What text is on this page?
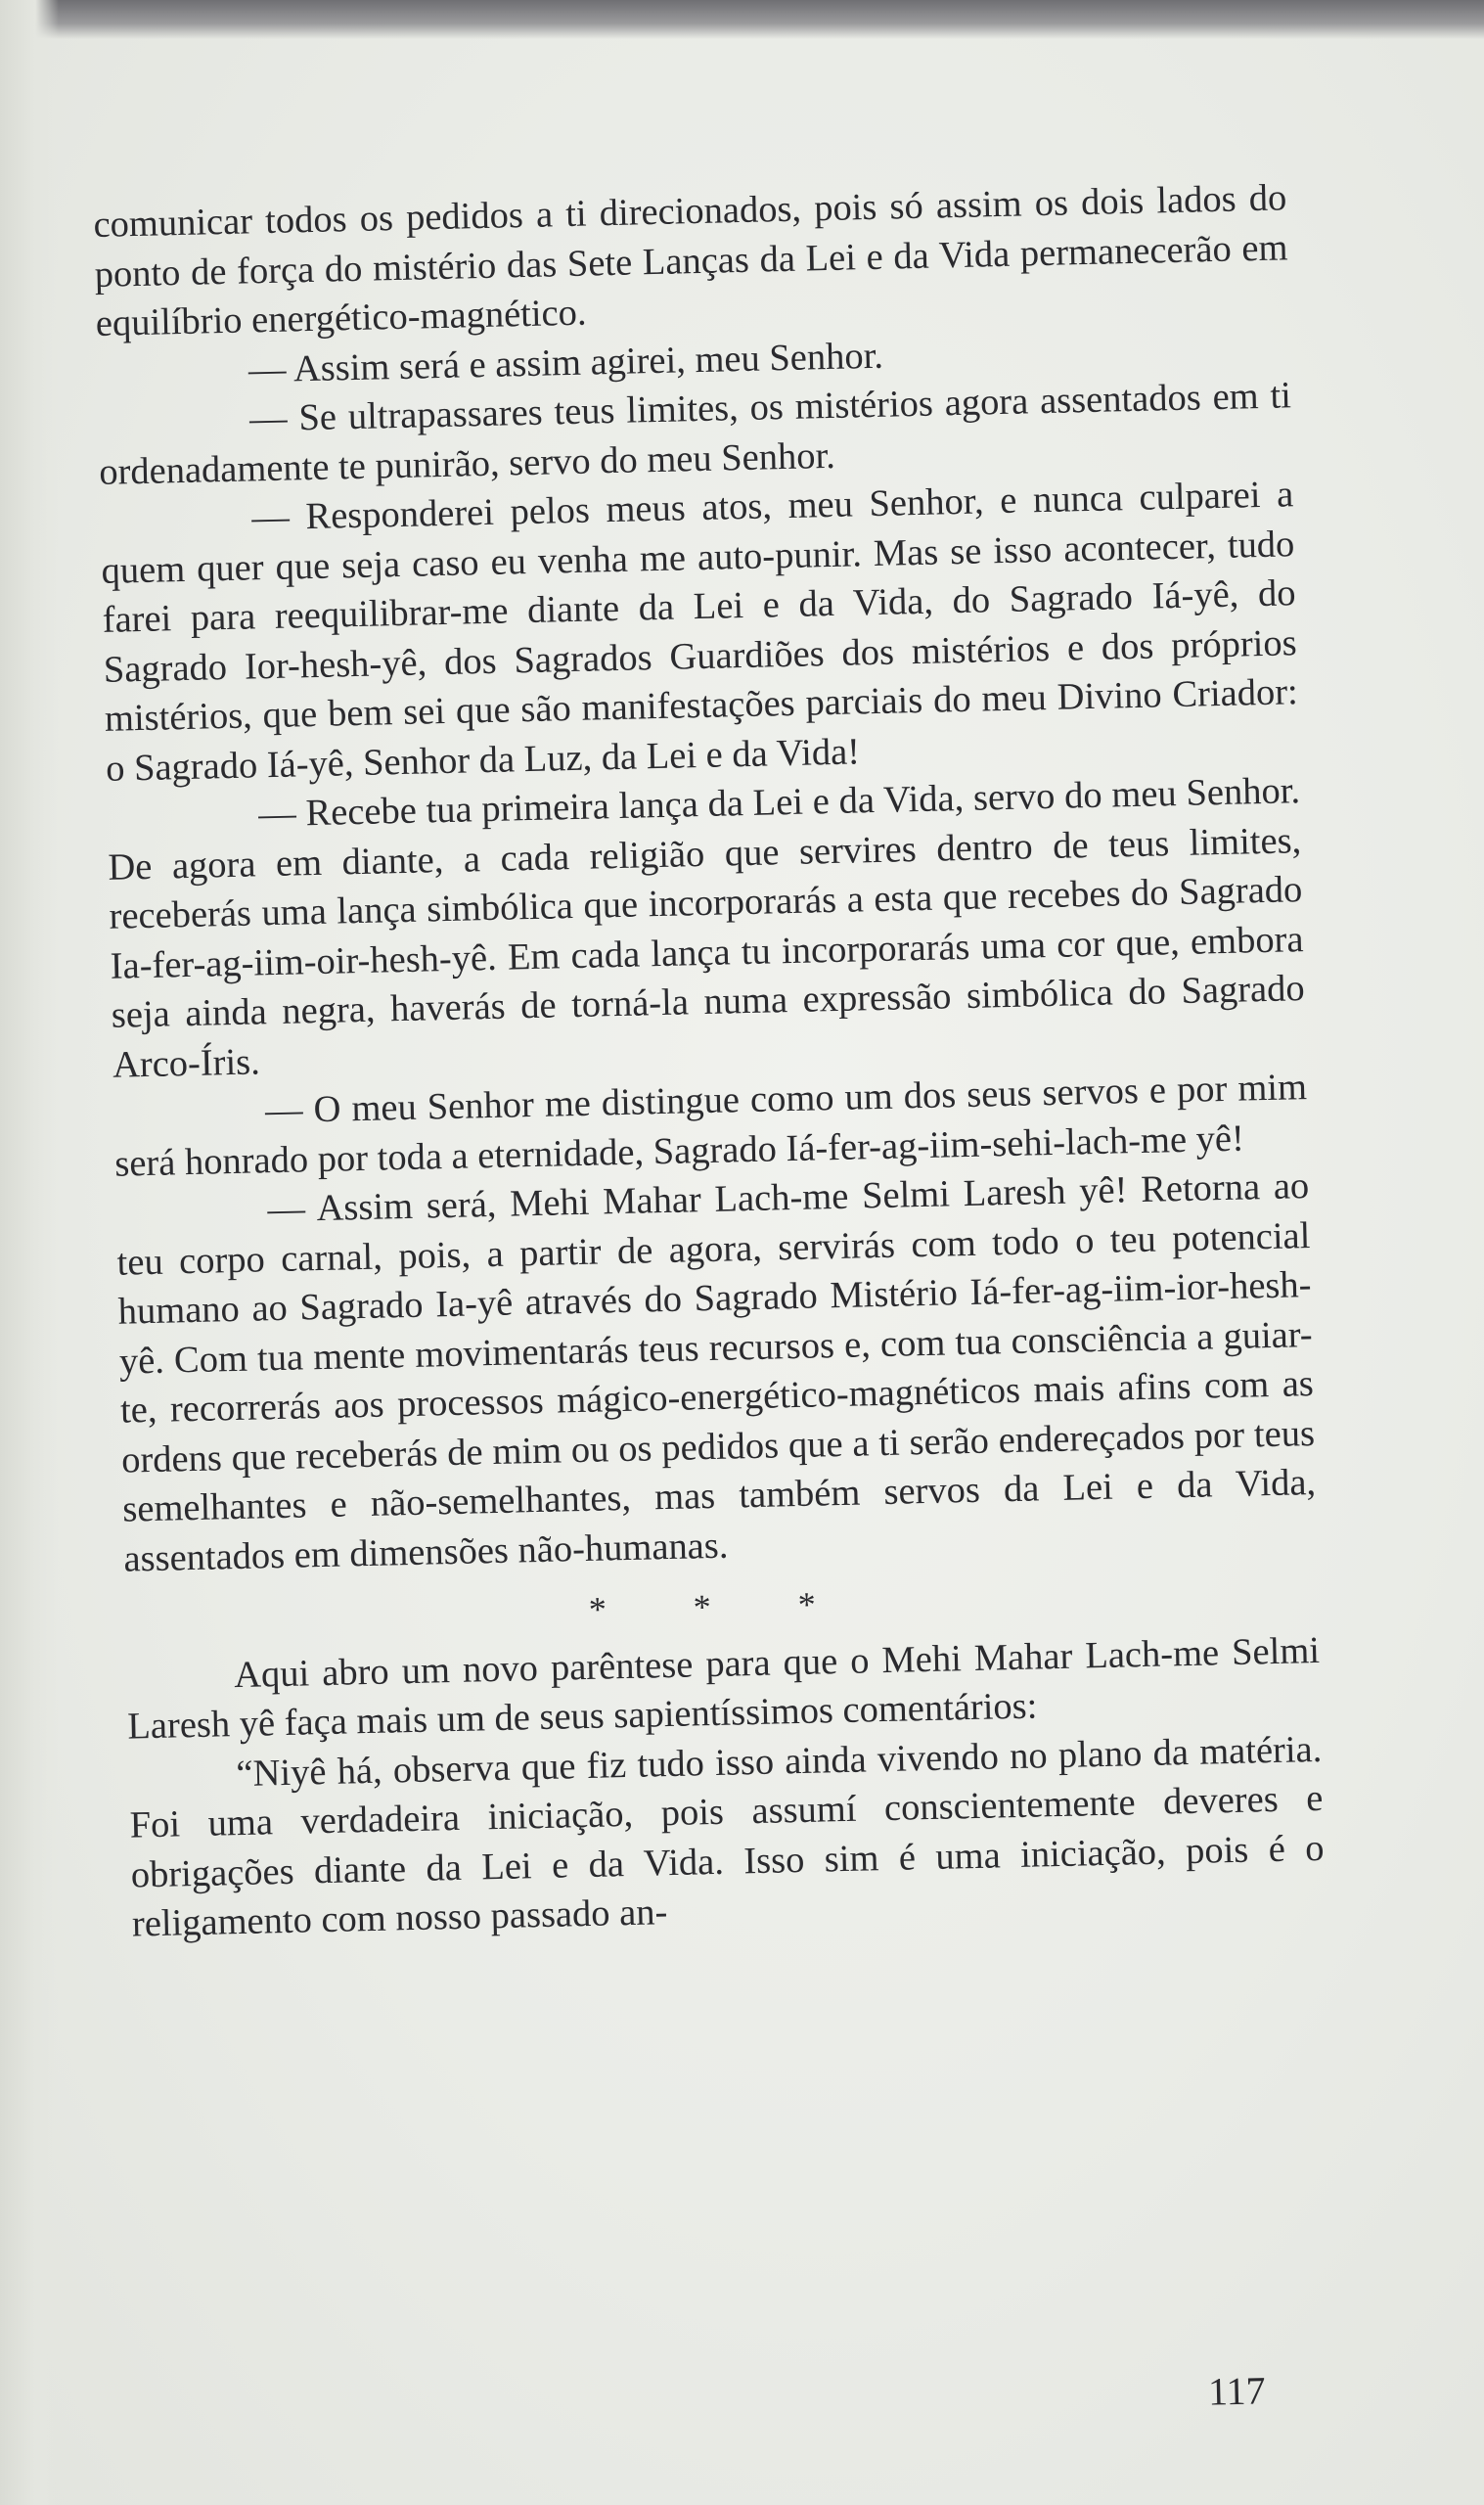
comunicar todos os pedidos a ti direcionados, pois só assim os dois lados do ponto de força do mistério das Sete Lanças da Lei e da Vida permanecerão em equilíbrio energético-magnético.

— Assim será e assim agirei, meu Senhor.

— Se ultrapassares teus limites, os mistérios agora assentados em ti ordenadamente te punirão, servo do meu Senhor.

— Responderei pelos meus atos, meu Senhor, e nunca culparei a quem quer que seja caso eu venha me auto-punir. Mas se isso acontecer, tudo farei para reequilibrar-me diante da Lei e da Vida, do Sagrado Iá-yê, do Sagrado Ior-hesh-yê, dos Sagrados Guardiões dos mistérios e dos próprios mistérios, que bem sei que são manifestações parciais do meu Divino Criador: o Sagrado Iá-yê, Senhor da Luz, da Lei e da Vida!

— Recebe tua primeira lança da Lei e da Vida, servo do meu Senhor. De agora em diante, a cada religião que servires dentro de teus limites, receberás uma lança simbólica que incorporarás a esta que recebes do Sagrado Ia-fer-ag-iim-oir-hesh-yê. Em cada lança tu incorporarás uma cor que, embora seja ainda negra, haverás de torná-la numa expressão simbólica do Sagrado Arco-Íris.

— O meu Senhor me distingue como um dos seus servos e por mim será honrado por toda a eternidade, Sagrado Iá-fer-ag-iim-sehi-lach-me yê!

— Assim será, Mehi Mahar Lach-me Selmi Laresh yê! Retorna ao teu corpo carnal, pois, a partir de agora, servirás com todo o teu potencial humano ao Sagrado Ia-yê através do Sagrado Mistério Iá-fer-ag-iim-ior-hesh-yê. Com tua mente movimentarás teus recursos e, com tua consciência a guiar-te, recorrerás aos processos mágico-energético-magnéticos mais afins com as ordens que receberás de mim ou os pedidos que a ti serão endereçados por teus semelhantes e não-semelhantes, mas também servos da Lei e da Vida, assentados em dimensões não-humanas.

* * *

Aqui abro um novo parêntese para que o Mehi Mahar Lach-me Selmi Laresh yê faça mais um de seus sapientíssimos comentários:

“Niyê há, observa que fiz tudo isso ainda vivendo no plano da matéria. Foi uma verdadeira iniciação, pois assumí conscientemente deveres e obrigações diante da Lei e da Vida. Isso sim é uma iniciação, pois é o religamento com nosso passado an-

117
